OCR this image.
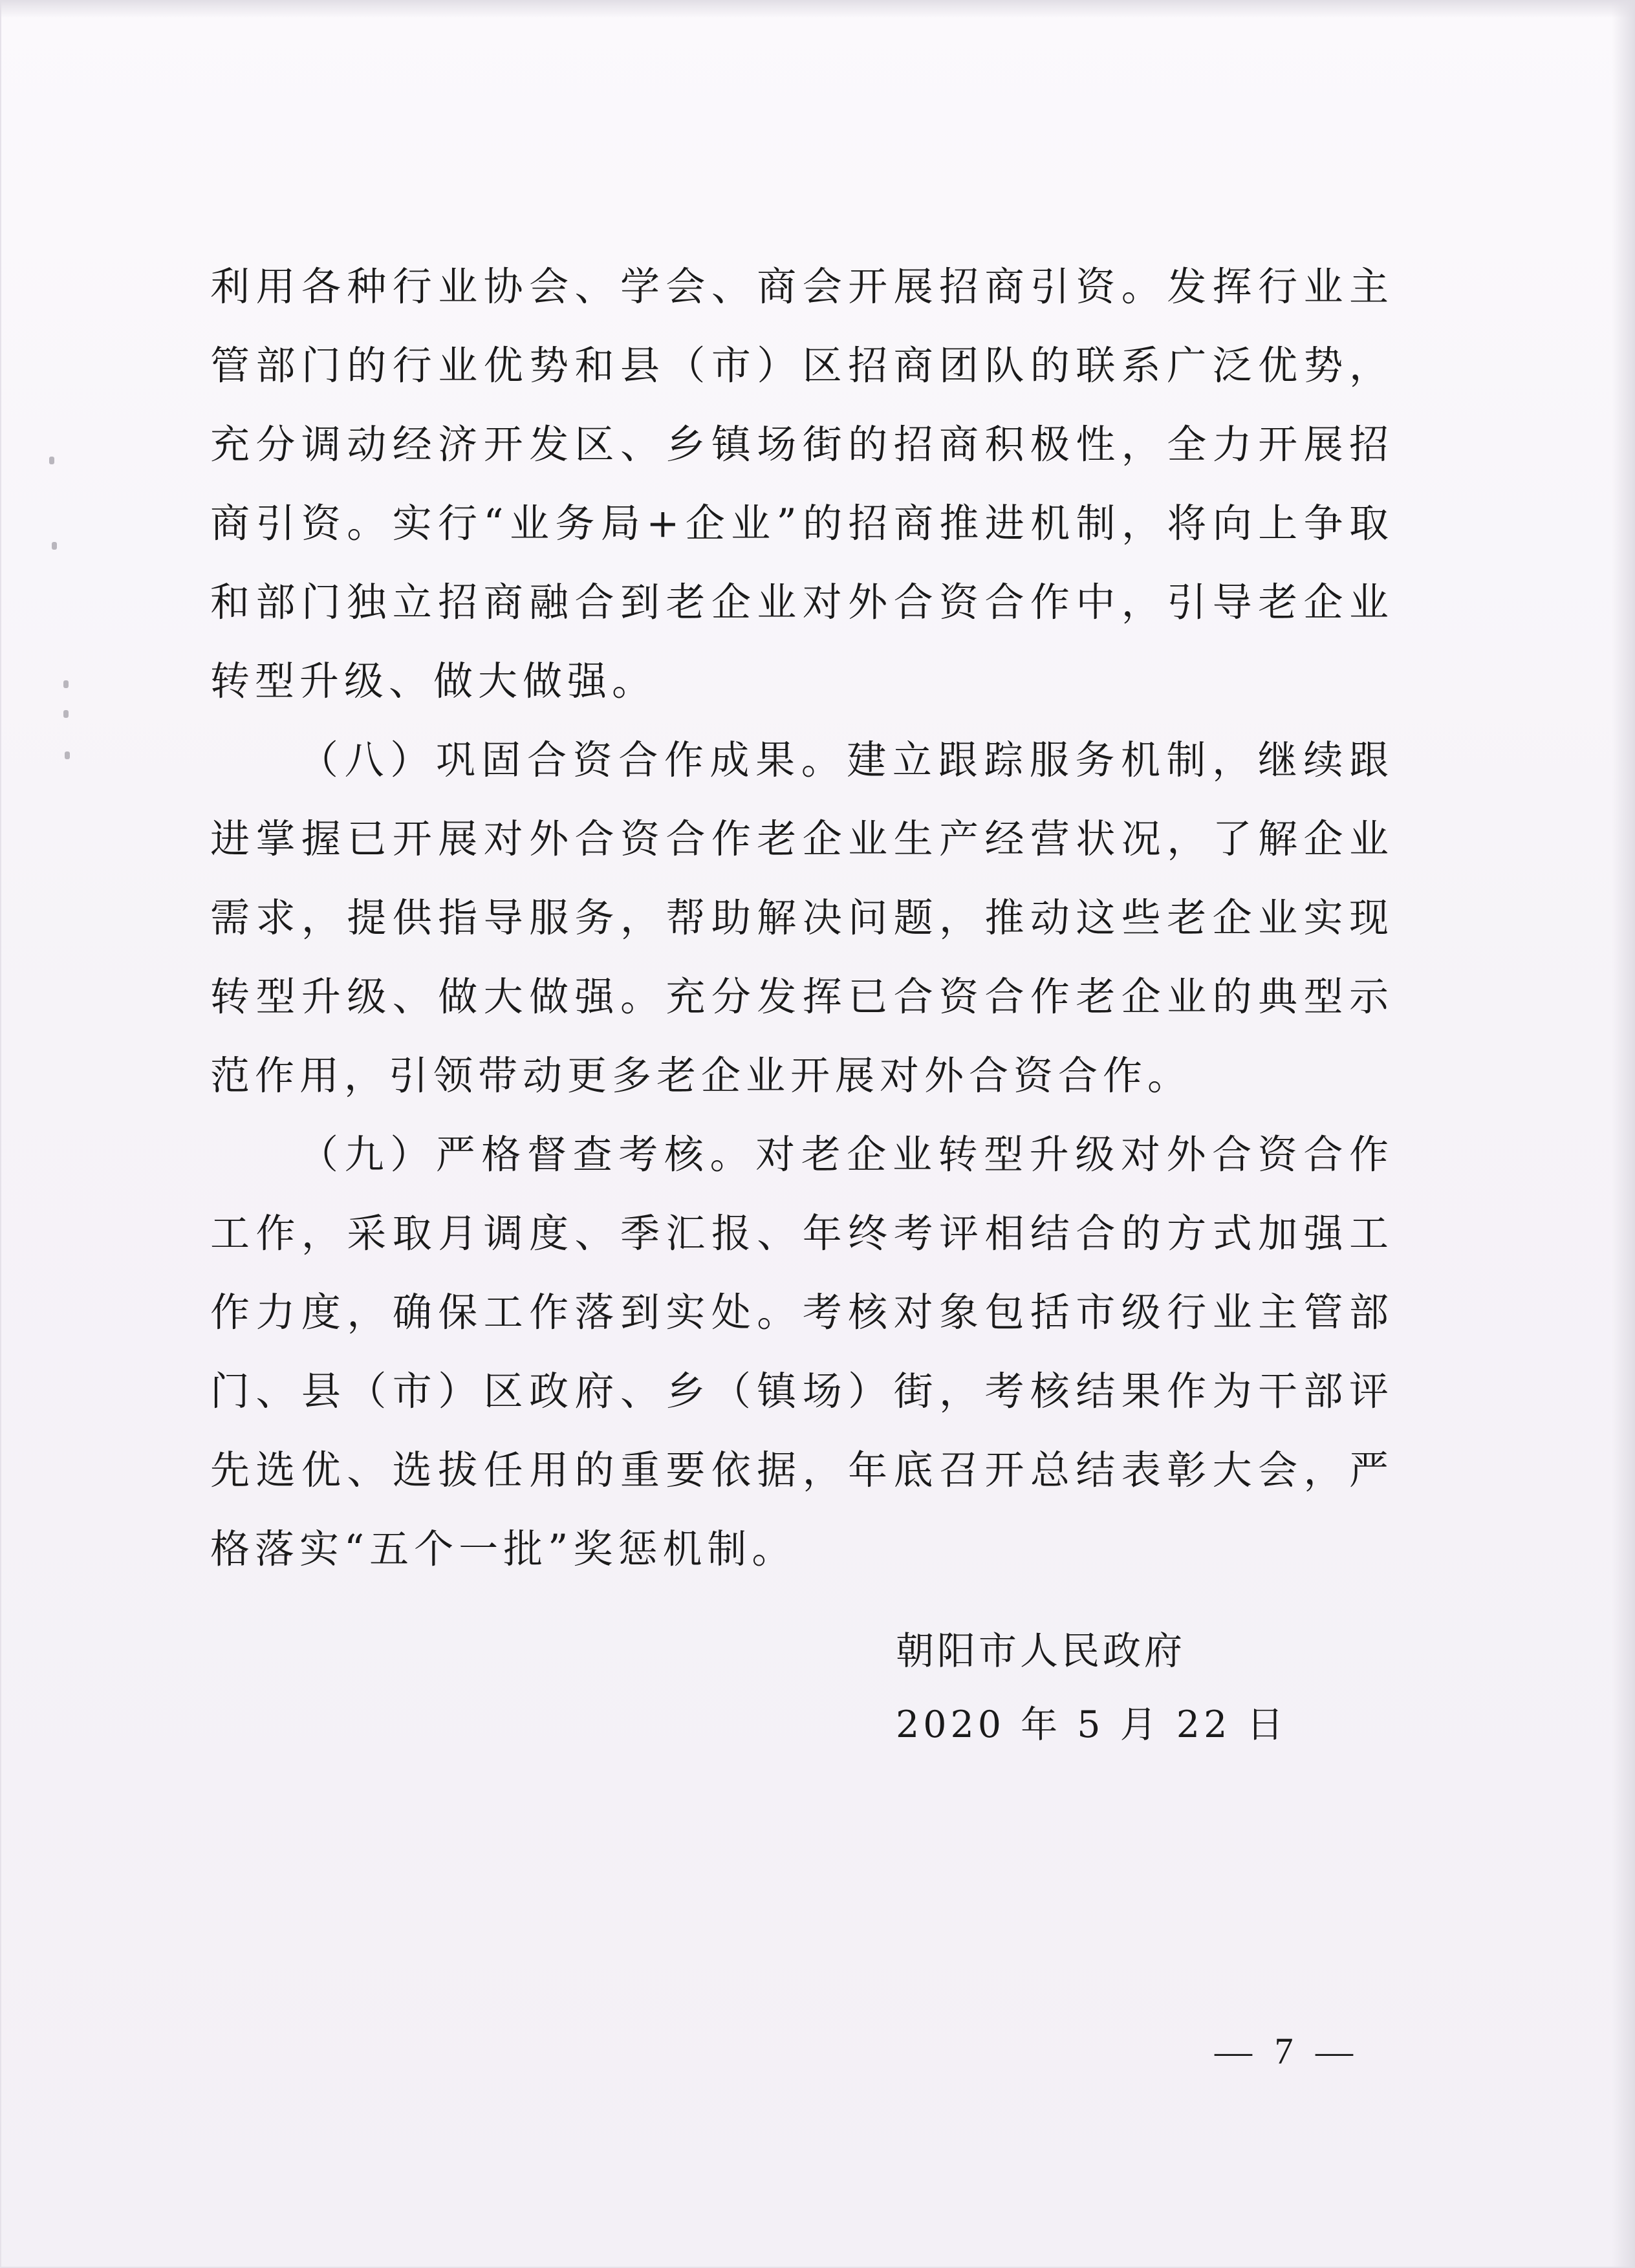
利用各种行业协会、学会、商会开展招商引资。发挥行业主管部门的行业优势和县（市）区招商团队的联系广泛优势，充分调动经济开发区、乡镇场街的招商积极性，全力开展招商引资。实行“业务局+企业”的招商推进机制，将向上争取和部门独立招商融合到老企业对外合资合作中，引导老企业转型升级、做大做强。

（八）巩固合资合作成果。建立跟踪服务机制，继续跟进掌握已开展对外合资合作老企业生产经营状况，了解企业需求，提供指导服务，帮助解决问题，推动这些老企业实现转型升级、做大做强。充分发挥已合资合作老企业的典型示范作用，引领带动更多老企业开展对外合资合作。

（九）严格督查考核。对老企业转型升级对外合资合作工作，采取月调度、季汇报、年终考评相结合的方式加强工作力度，确保工作落到实处。考核对象包括市级行业主管部门、县（市）区政府、乡（镇场）街，考核结果作为干部评先选优、选拔任用的重要依据，年底召开总结表彰大会，严格落实“五个一批”奖惩机制。

朝阳市人民政府
2020 年 5 月 22 日
— 7 —
